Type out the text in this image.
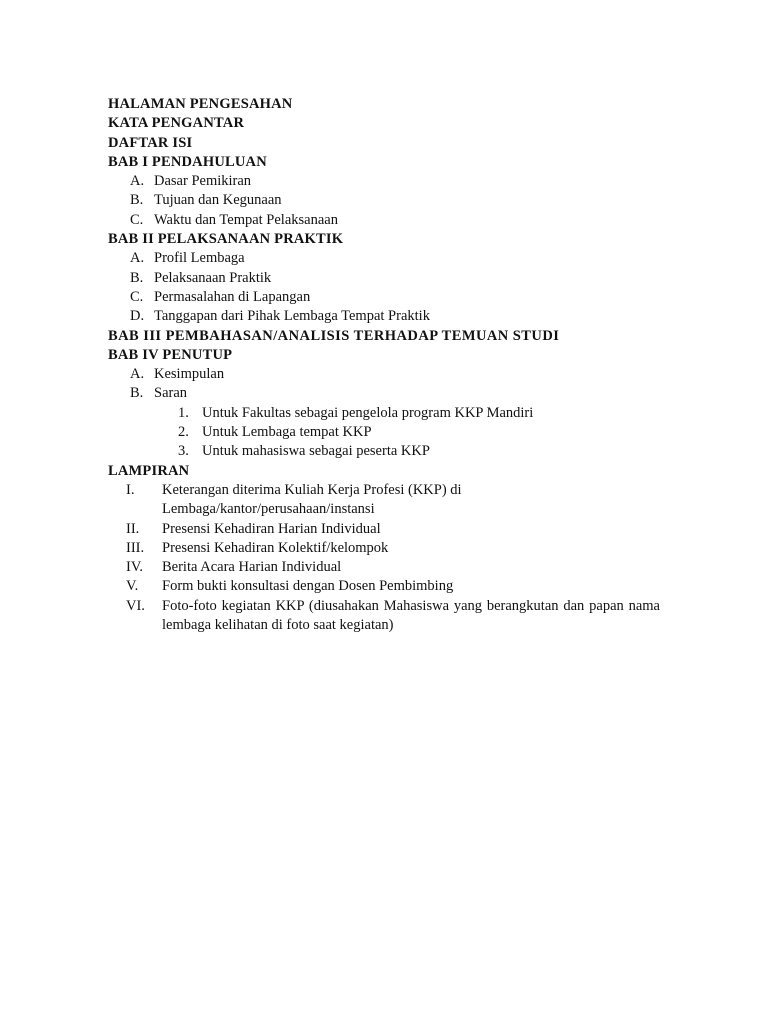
HALAMAN PENGESAHAN
KATA PENGANTAR
DAFTAR ISI
BAB I PENDAHULUAN
A. Dasar Pemikiran
B. Tujuan dan Kegunaan
C. Waktu dan Tempat Pelaksanaan
BAB II PELAKSANAAN PRAKTIK
A. Profil Lembaga
B. Pelaksanaan Praktik
C. Permasalahan di Lapangan
D. Tanggapan dari Pihak Lembaga Tempat Praktik
BAB III PEMBAHASAN/ANALISIS TERHADAP TEMUAN STUDI
BAB IV PENUTUP
A. Kesimpulan
B. Saran
1. Untuk Fakultas sebagai pengelola program KKP Mandiri
2. Untuk Lembaga tempat KKP
3. Untuk mahasiswa sebagai peserta KKP
LAMPIRAN
I.	Keterangan diterima Kuliah Kerja Profesi (KKP) di Lembaga/kantor/perusahaan/instansi
II.	Presensi Kehadiran Harian Individual
III.	Presensi Kehadiran Kolektif/kelompok
IV.	Berita Acara Harian Individual
V.	Form bukti konsultasi dengan Dosen Pembimbing
VI.	Foto-foto kegiatan KKP (diusahakan Mahasiswa yang berangkutan dan papan nama lembaga kelihatan di foto saat kegiatan)
